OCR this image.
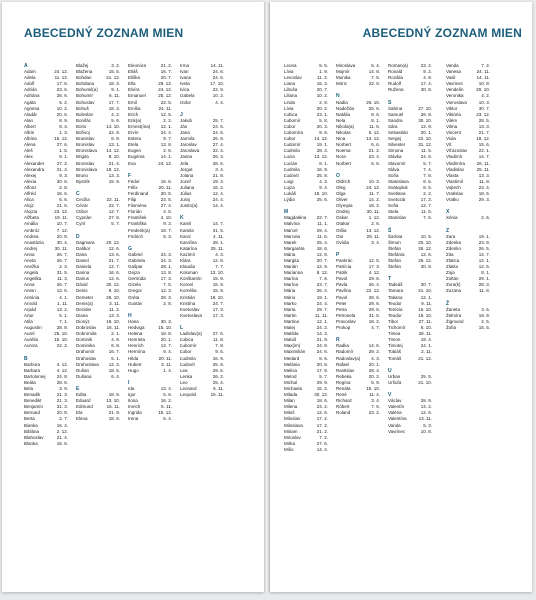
ABECEDNÝ ZOZNAM MIEN
A
Adam	24. 12.
Adela	11. 12.
Adolf	17. 6.
Adrián	23. 6.
Adriána	26. 6.
Agáta	5. 2.
Agnesa	10. 2.
Aladár	20. 6.
Alan	8. 9.
Albert	8. 4.
Albín	1. 3.
Albína	16. 12.
Alena	27. 6.
Aleš	1. 5.
Alex	9. 1.
Alexander	27. 2.
Alexandra	21. 4.
Alexej	9. 3.
Alexia	30. 6.
Alfonz	2. 8.
Alfréd	16. 6.
Alica	6. 6.
Alojz	21. 6.
Alojzia	23. 12.
Alžbeta	19. 11.
Amália	10. 7.
Ambróz	7. 12.
Andrea	20. 8.
Anastázia	30. 4.
Andrej	30. 11.
Anna	26. 7.
Aneta	26. 7.
Anežka	2. 3.
Angela	31. 5.
Angelika	11. 3.
Anna	26. 7.
Anton	13. 6.
Antónia	4. 1.
Arnold	1. 11.
Arpád	13. 2.
Artur	5. 1.
Atila	7. 1.
Augustín	28. 8.
Aurel	25. 10.
Aurélia	15. 10.
Aurora	22. 2.
B
Barbora	4. 12.
Barbara	4. 12.
Bartolomej 24. 8.
Beáta	28. 6.
Bela	3. 9.
Benadik	21. 3.
Benedikt	21. 3.
Benjamín	31. 3.
Bernard	20. 8.
Berta	2. 7.
Bianka	16. 4.
Biblána	2. 12.
Blahoslav	21. 4.
Blanka	16. 6.
Blažej	3. 2.
Blažena	15. 5.
Bohdan	21. 12.
Bohdana	18. 3.
Bohumil(a)	9. 1.
Bohumír	6. 11.
Bohuslav	17. 7.
Bohuš	18. 3.
Boleslav	4. 2.
Bonifác	5. 6.
Boris	14. 10.
Bořivoj	22. 9.
Branislav	6. 9.
Bronislav	13. 1.
Bronislava 14. 12.
Brigita	8. 10.
Bronislav	21. 4.
Bronislava 18. 12.
Bruno	13. 3.
Bystrík	15. 9.
C
Cecília	22. 11.
Cézar	22. 7.
Ctibor	12. 7.
Cyprián	27. 9.
Cyril	5. 7.
D
Dagmara	20. 12.
Dalibor	12. 6.
Dana	13. 6.
Daniel	21. 7.
Daniela	12. 7.
Darina	16. 6.
Darius	12. 6.
Dávid	30. 12.
Denis	8. 10.
Demeter	26. 10.
Denis(a)	3. 11.
Dezider	11. 2.
Diana	13. 3.
Dionýz	16. 10.
Dobroslav 16. 11.
Dobromila	2. 1.
Dominik	4. 8.
Dominika	6. 8.
Drahomír	16. 7.
Drahoslav	5. 1.
Drahoslava 12. 3.
Dušan	18. 5.
Dušana	6. 4.
E
Edita	18. 9.
Eduard	13. 10.
Edmund	16. 11.
Ela	21. 9.
Elena	18. 8.
Eleonóra	21. 2.
Eliáš	16. 7.
Eliška	20. 7.
Ella	29. 12.
Elvíra	24. 12.
Emanuel	25. 12.
Emil	22. 5.
Emília	24. 11.
Erich	12. 5.
Erik(a)	2. 2.
Ernest(ína) 12. 1.
Ervín	24. 4.
Estera	9. 7.
Etela	13. 8.
Eugen	2. 6.
Eugénia	14. 1.
Eva	24. 12.
F
Fedor	15. 6.
Félix	20. 11.
Ferdinand	30. 5.
Filip	23. 5.
Filoména	27. 4.
Florián	4. 5.
František	4. 10.
Františka	9. 3.
Frederik(a) 18. 7.
Fridrich	5. 3.
G
Gabriel	24. 3.
Gabriela	24. 3.
Gašpar	28. 1.
Gejza	13. 8.
Gertrúda	17. 3.
Gizela	7. 5.
Gregor	12. 3.
Gréta	28. 3.
Gustáv	2. 8.
H
Hana	30. 3.
Hedviga	15. 10.
Helena	18. 8.
Henrieta	20. 1.
Henrich	13. 7.
Hermína	9. 4.
Hilda	20. 11.
Hubert	3. 11.
Hugo	1. 4.
I
Ida	13. 4.
Igor	5. 6.
Ilona	16. 2.
Imrich	5. 11.
Ingrida	15. 12.
Irena	5. 4.
Irma	14. 11.
Ivan	24. 6.
Ivana	24. 6.
Iveta	17. 10.
Ivica	22. 9.
Izabela	10. 2.
Izidor	4. 4.
J
Jakub	25. 7.
Ján	24. 6.
Jana	24. 6.
Jarmila	26. 8.
Jaroslav	27. 4.
Jaroslava	22. 4.
Jasna	26. 3.
Jela	28. 6.
Jergut	3. 4.
Jolana	21. 8.
Jozef	19. 3.
Juliana	16. 2.
Július	12. 4.
Juraj	24. 4.
Justín(a)	14. 4.
K
Kamil	14. 7.
Kamila	31. 5.
Karol	4. 11.
Karolína	28. 1.
Katarína	25. 11.
Kazimír	4. 3.
Klára	12. 8.
Klaudia	7. 7.
Koloman	13. 10.
Konštantín 15. 9.
Kornel	16. 9.
Kornélia	15. 9.
Kristián	19. 10.
Kristína	24. 7.
Kvetoslav	17. 3.
Kvetoslava 17. 3.
L
Ladislav(a) 27. 6.
Ľubica	11. 8.
Ľubomír	7. 8.
Ľubor	9. 5.
Ľudmila	16. 9.
Ľudovít	25. 8.
Lea	29. 6.
Lenka	26. 2.
Leo	25. 4.
Leonard	6. 11.
Leopold	15. 11.
ABECEDNÝ ZOZNAM MIEN
Leona	5. 5.
Lívia	1. 9.
Levoslav	11. 2.
Liana	16. 3.
Libuša	20. 7.
Liliana	10. 2.
Linda	2. 9.
Lívia	20. 2.
Ľubica	23. 1.
Ľubomír	5. 8.
Ľubor	20. 3.
Ľubomíra	9. 8.
Ľubor	14. 12.
Ľudomír	19. 1.
Ľudmila	28. 3.
Lucia	13. 12.
Lucián	8. 1.
Ľudmila	16. 9.
Ľudovít	25. 8.
Luigi	4. 3.
Lujza	9. 4.
Lukáš	18. 10.
Lýdia	25. 6.
M
Magdaléna 22. 7.
Malvína	11. 1.
Marcel	29. 4.
Marcela	11. 6.
Marek	25. 4.
Margaréta	18. 6.
Mária	12. 9.
Margita	20. 7.
Marián	12. 9.
Marianna	8. 12.
Marína	7. 8.
Marína	23. 7.
Mária	26. 2.
Mário	19. 1.
Marko	24. 4.
Marta	29. 7.
Martin	11. 11.
Martina	12. 1.
Matej	24. 2.
Matilda	14. 3.
Matúš	21. 9.
Max(im)	24. 8.
Maximilián	24. 6.
Medard	8. 6.
Melánia	20. 8.
Melisa	17. 9.
Metod	5. 7.
Michal	29. 9.
Michaela	16. 2.
Milada	30. 12.
Milan	18. 6.
Milena	24. 2.
Miloš	12. 6.
Miloslav	17. 2.
Miloslava	17. 2.
Miriam	21. 2.
Miroslav	7. 2.
Mirka	27. 6.
Mišo	14. 4.
Miroslava	5. 4.
Mojmír	14. 8.
Monika	7. 5.
Móric	22. 9.
N
Nadia	26. 10.
Nadežda	25. 6.
Natália	8. 6.
Nela	8. 1.
Nikola(a)	11. 6.
Nikolas	6. 12.
Nina	13. 12.
Norbert	6. 6.
Noema	21. 2.
Nora	23. 4.
Norbert	6. 6.
O
Oldrich	10. 3.
Oleg	24. 12.
Olga	11. 7.
Oliver	14. 2.
Olympia	18. 2.
Ondrej	30. 11.
Oskar	1. 12.
Otakar	2. 6.
Otília	13. 12.
Oto	29. 11.
Ovídia	3. 4.
P
Pankrác	12. 5.
Patrícia	17. 3.
Patrik	4. 12.
Pavol	29. 6.
Pavla	26. 4.
Pavlína	22. 12.
Pavol	28. 6.
Peter	29. 6.
Petra	29. 6.
Petronela	31. 5.
Pravoslav	18. 2.
Prokop	4. 7.
R
Radka	14. 6.
Radomír	29. 2.
Radoslav(a) 4. 3.
Rafael	20. 1.
Rastislav	28. 4.
Rebeka	20. 2.
Regína	5. 9.
Renáta	15. 10.
René	11. 4.
Richard	3. 4.
Róbert	7. 6.
Roland	23. 2.
Roman(a)	23. 2.
Ronald	9. 2.
Rozália	4. 9.
Rudolf	17. 4.
Ružena	30. 8.
S
Sabína	27. 10.
Samuel	26. 8.
Sandra	30. 10.
Sára	12. 9.
Sebastián	20. 1.
Sergej	22. 10.
Silvester	31. 12.
Simona	11. 5.
Slávka	24. 8.
Slavomír	5. 7.
Sláva	7. 4.
Soňa	7. 8.
Stanislava	8. 5.
Svätopluk	8. 5.
Svetlana	2. 2.
Svetozár	17. 3.
Sofia	12. 7.
Stela	11. 5.
Stanislav	7. 5.
Š
Šarlota	10. 5.
Šimon	20. 10.
Štefan	26. 12.
Štefánia	12. 6.
Štefan	26. 12.
Štefan	30. 8.
T
Tadeáš	30. 7.
Tamara	21. 10.
Tatiana	12. 1.
Teodor	9. 11.
Terézia	15. 10.
Teodor	15. 10.
Tibor	27. 11.
Tichomír	6. 10.
Timea	28. 11.
Timon	19. 4.
Timotej	24. 1.
Tobiáš	2. 11.
Tomáš	21. 12.
U
Urban	25. 5.
Uršuľa	21. 10.
V
Václav	28. 9.
Valentín	14. 2.
Valéria	12. 6.
Valentína	13. 11.
Vanda	5. 3.
Vavrinec	10. 8.
Vanda	7. 2.
Vanesa	24. 11.
Vasil	14. 11.
Vavrinec	10. 8.
Vendelín	20. 10.
Veronika	4. 2.
Vieroslava	10. 3.
Viktor	30. 7.
Viktória	23. 12.
Vilém	28. 5.
Vilma	13. 3.
Vincent	21. 7.
Viola	18. 12.
Vít	15. 6.
Víťazoslav	22. 1.
Vladimír	14. 7.
Vladimíra	26. 11.
Vladislav	25. 11.
Vlasta	13. 3.
Vlastimil	11. 8.
Vojtech	23. 4.
Vratislav	18. 6.
Vratko	29. 3.
X
Xénia	2. 6.
Z
Zara	19. 1.
Zdenka	23. 9.
Zdenko	26. 5.
Zita	12. 7.
Zlatica	12. 1.
Zlatko	12. 5.
Zoja	8. 1.
Zoltán	29. 1.
Zora(k)	28. 3.
Zuzana	11. 8.
Ž
Žaneta	3. 6.
Želmíra	19. 9.
Žigmund	2. 5.
Žofia	15. 5.
